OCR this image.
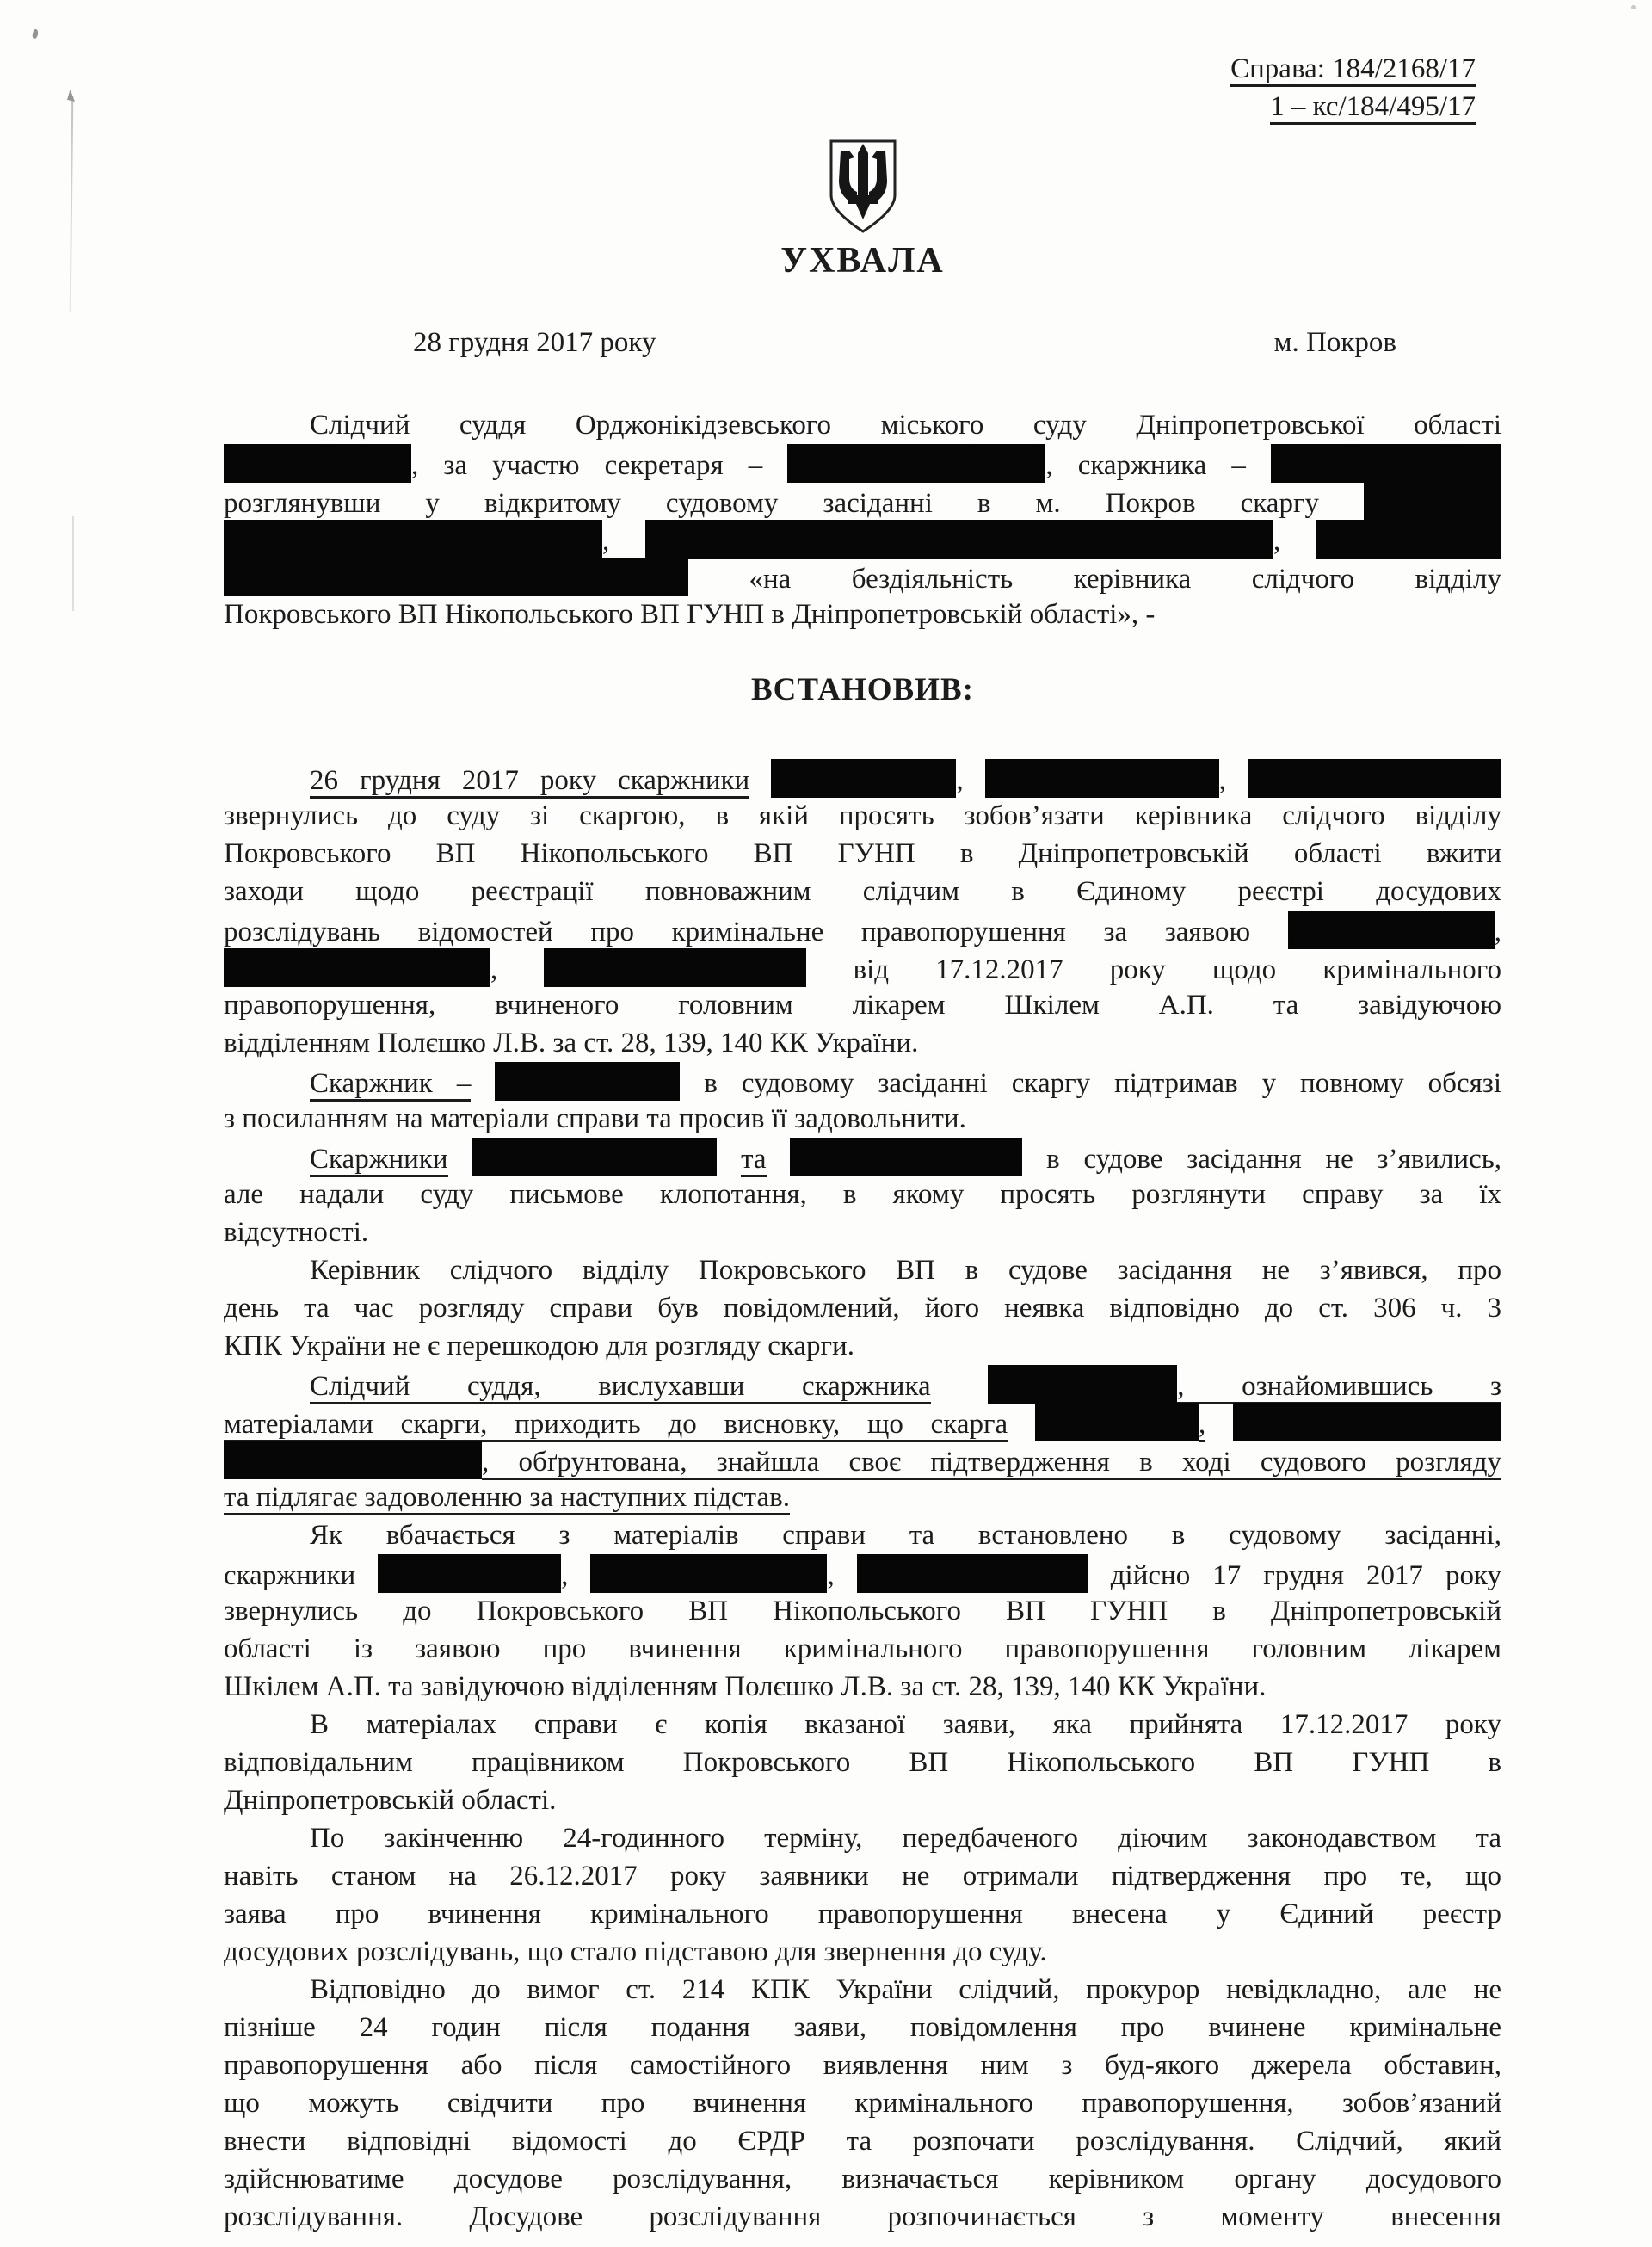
Справа: 184/2168/17
1 – кс/184/495/17
УХВАЛА
28 грудня 2017 року	м. Покров
Слідчий суддя Орджонікідзевського міського суду Дніпропетровської області
, за участю секретаря –	, скаржника –
розглянувши у відкритому судовому засіданні в м. Покров скаргу
,	,
«на бездіяльність керівника слідчого відділу
Покровського ВП Нікопольського ВП ГУНП в Дніпропетровській області», -
ВСТАНОВИВ:
26 грудня 2017 року скаржники	,	,
звернулись до суду зі скаргою, в якій просять зобов’язати керівника слідчого відділу
Покровського ВП Нікопольського ВП ГУНП в Дніпропетровській області вжити
заходи щодо реєстрації повноважним слідчим в Єдиному реєстрі досудових
розслідувань відомостей про кримінальне правопорушення за заявою	,
,	від 17.12.2017 року щодо кримінального
правопорушення, вчиненого головним лікарем Шкілем А.П. та завідуючою
відділенням Полєшко Л.В. за ст. 28, 139, 140 КК України.
Скаржник –	в судовому засіданні скаргу підтримав у повному обсязі
з посиланням на матеріали справи та просив її задовольнити.
Скаржники	та	в судове засідання не з’явились,
але надали суду письмове клопотання, в якому просять розглянути справу за їх
відсутності.
Керівник слідчого відділу Покровського ВП в судове засідання не з’явився, про
день та час розгляду справи був повідомлений, його неявка відповідно до ст. 306 ч. 3
КПК України не є перешкодою для розгляду скарги.
Слідчий суддя, вислухавши скаржника	, ознайомившись з
матеріалами скарги, приходить до висновку, що скарга	,
, обґрунтована, знайшла своє підтвердження в ході судового розгляду
та підлягає задоволенню за наступних підстав.
Як вбачається з матеріалів справи та встановлено в судовому засіданні,
скаржники	,	,	дійсно 17 грудня 2017 року
звернулись до Покровського ВП Нікопольського ВП ГУНП в Дніпропетровській
області із заявою про вчинення кримінального правопорушення головним лікарем
Шкілем А.П. та завідуючою відділенням Полєшко Л.В. за ст. 28, 139, 140 КК України.
В матеріалах справи є копія вказаної заяви, яка прийнята 17.12.2017 року
відповідальним працівником Покровського ВП Нікопольського ВП ГУНП в
Дніпропетровській області.
По закінченню 24-годинного терміну, передбаченого діючим законодавством та
навіть станом на 26.12.2017 року заявники не отримали підтвердження про те, що
заява про вчинення кримінального правопорушення внесена у Єдиний реєстр
досудових розслідувань, що стало підставою для звернення до суду.
Відповідно до вимог ст. 214 КПК України слідчий, прокурор невідкладно, але не
пізніше 24 годин після подання заяви, повідомлення про вчинене кримінальне
правопорушення або після самостійного виявлення ним з буд-якого джерела обставин,
що можуть свідчити про вчинення кримінального правопорушення, зобов’язаний
внести відповідні відомості до ЄРДР та розпочати розслідування. Слідчий, який
здійснюватиме досудове розслідування, визначається керівником органу досудового
розслідування. Досудове розслідування розпочинається з моменту внесення
